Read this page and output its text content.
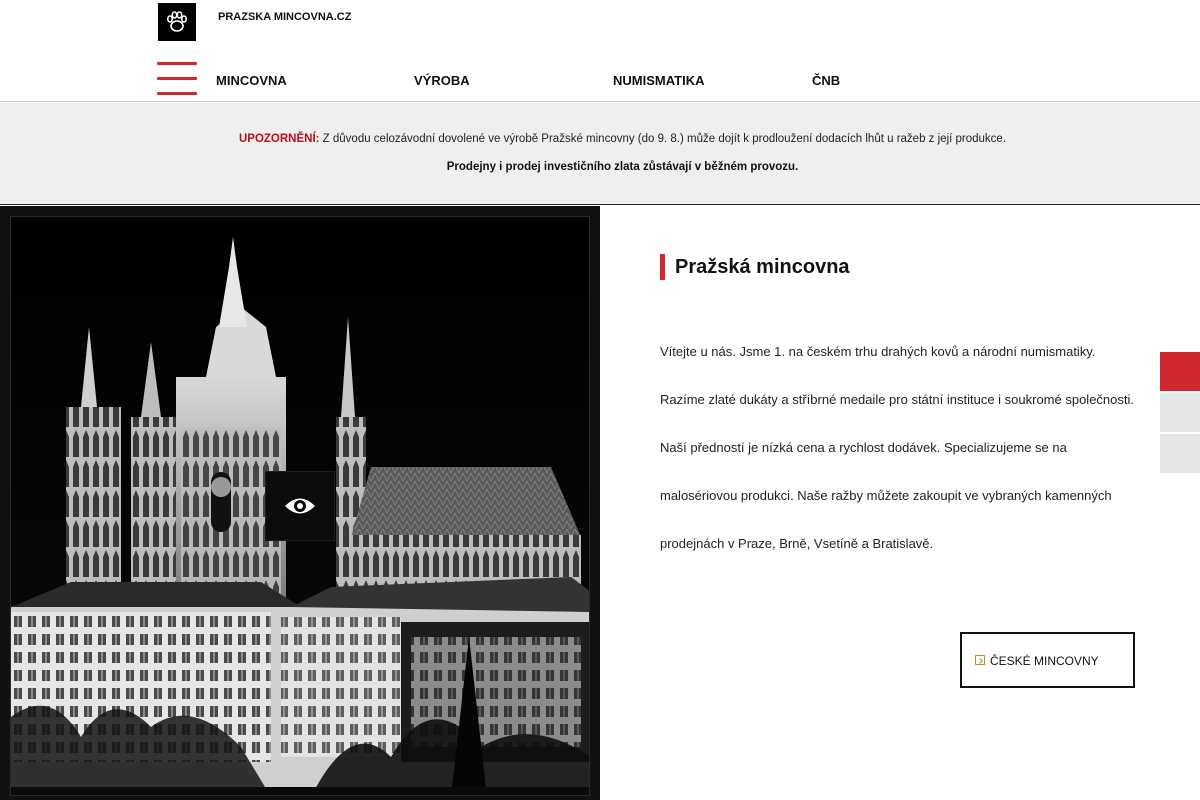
PRAZSKA MINCOVNA.CZ
MINCOVNA	VÝROBA	NUMISMATIKA	ČNB
UPOZORNĚNÍ: Z důvodu celozávodní dovolené ve výrobě Pražské mincovny (do 9. 8.) může dojít k prodloužení dodacích lhůt u ražeb z její produkce.
Prodejny i prodej investičního zlata zůstávají v běžném provozu.
Pražská mincovna
Vítejte u nás. Jsme 1. na českém trhu drahých kovů a národní numismatiky.
Razíme zlaté dukáty a stříbrné medaile pro státní instituce i soukromé společnosti.
Naší předností je nízká cena a rychlost dodávek. Specializujeme se na
malosériovou produkci. Naše ražby můžete zakoupit ve vybraných kamenných
prodejnách v Praze, Brně, Vsetíně a Bratislavě.
ČESKÉ MINCOVNY
